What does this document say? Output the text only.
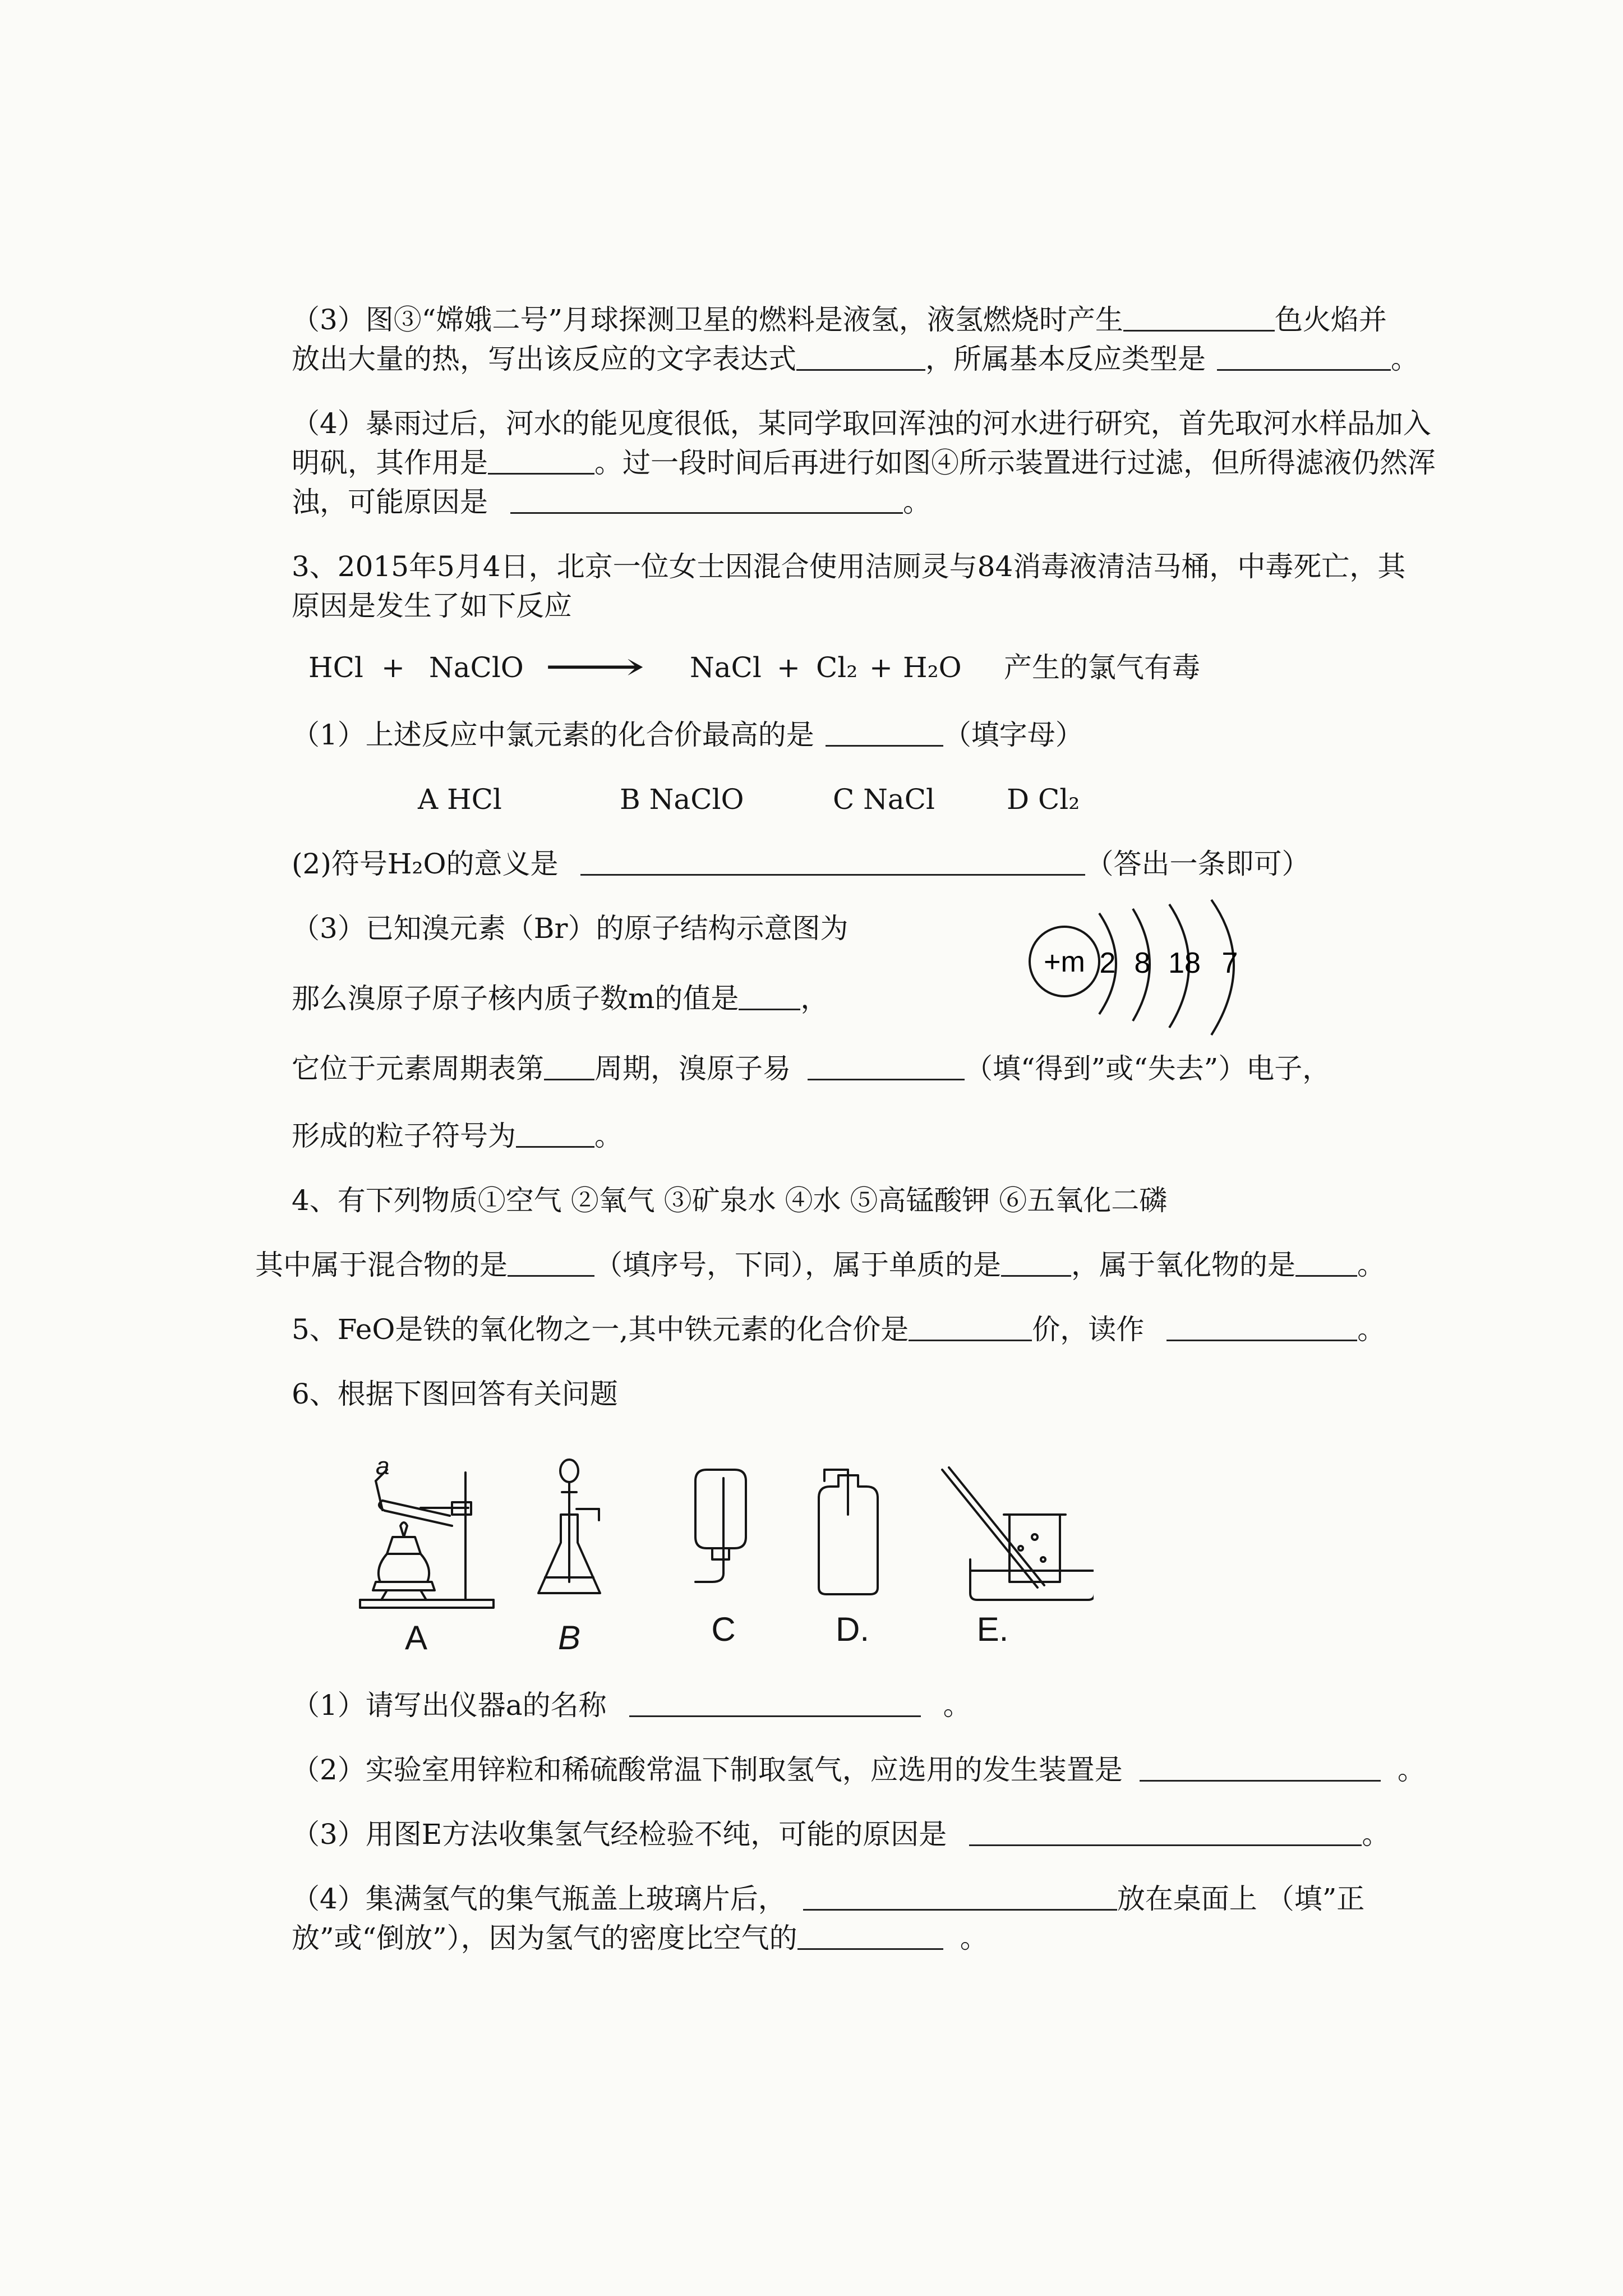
（3）图③“嫦娥二号”月球探测卫星的燃料是液氢，液氢燃烧时产生	色火焰并
放出大量的热，写出该反应的文字表达式	，所属基本反应类型是	。
（4）暴雨过后，河水的能见度很低，某同学取回浑浊的河水进行研究，首先取河水样品加入
明矾，其作用是	。过一段时间后再进行如图④所示装置进行过滤，但所得滤液仍然浑
浊，可能原因是	。
3、2015年5月4日，北京一位女士因混合使用洁厕灵与84消毒液清洁马桶，中毒死亡，其
原因是发生了如下反应
HCl + NaClO ⟶ NaCl + Cl₂ + H₂O 产生的氯气有毒
（1）上述反应中氯元素的化合价最高的是	（填字母）
A HCl	B NaClO	C NaCl	D Cl₂
(2)符号H₂O的意义是	（答出一条即可）
（3）已知溴元素（Br）的原子结构示意图为
+m 2 8 18 7
那么溴原子原子核内质子数m的值是 ，
它位于元素周期表第 周期，溴原子易	（填“得到”或“失去”）电子，
形成的粒子符号为	。
4、有下列物质①空气 ②氧气 ③矿泉水 ④水 ⑤高锰酸钾 ⑥五氧化二磷
其中属于混合物的是	（填序号，下同），属于单质的是	，属于氧化物的是 。
5、FeO是铁的氧化物之一,其中铁元素的化合价是	价，读作	。
6、根据下图回答有关问题
a
A	B	C	D.	E.
（1）请写出仪器a的名称	。
（2）实验室用锌粒和稀硫酸常温下制取氢气，应选用的发生装置是	。
（3）用图E方法收集氢气经检验不纯，可能的原因是	。
（4）集满氢气的集气瓶盖上玻璃片后，	放在桌面上 （填”正
放”或“倒放”），因为氢气的密度比空气的	。
